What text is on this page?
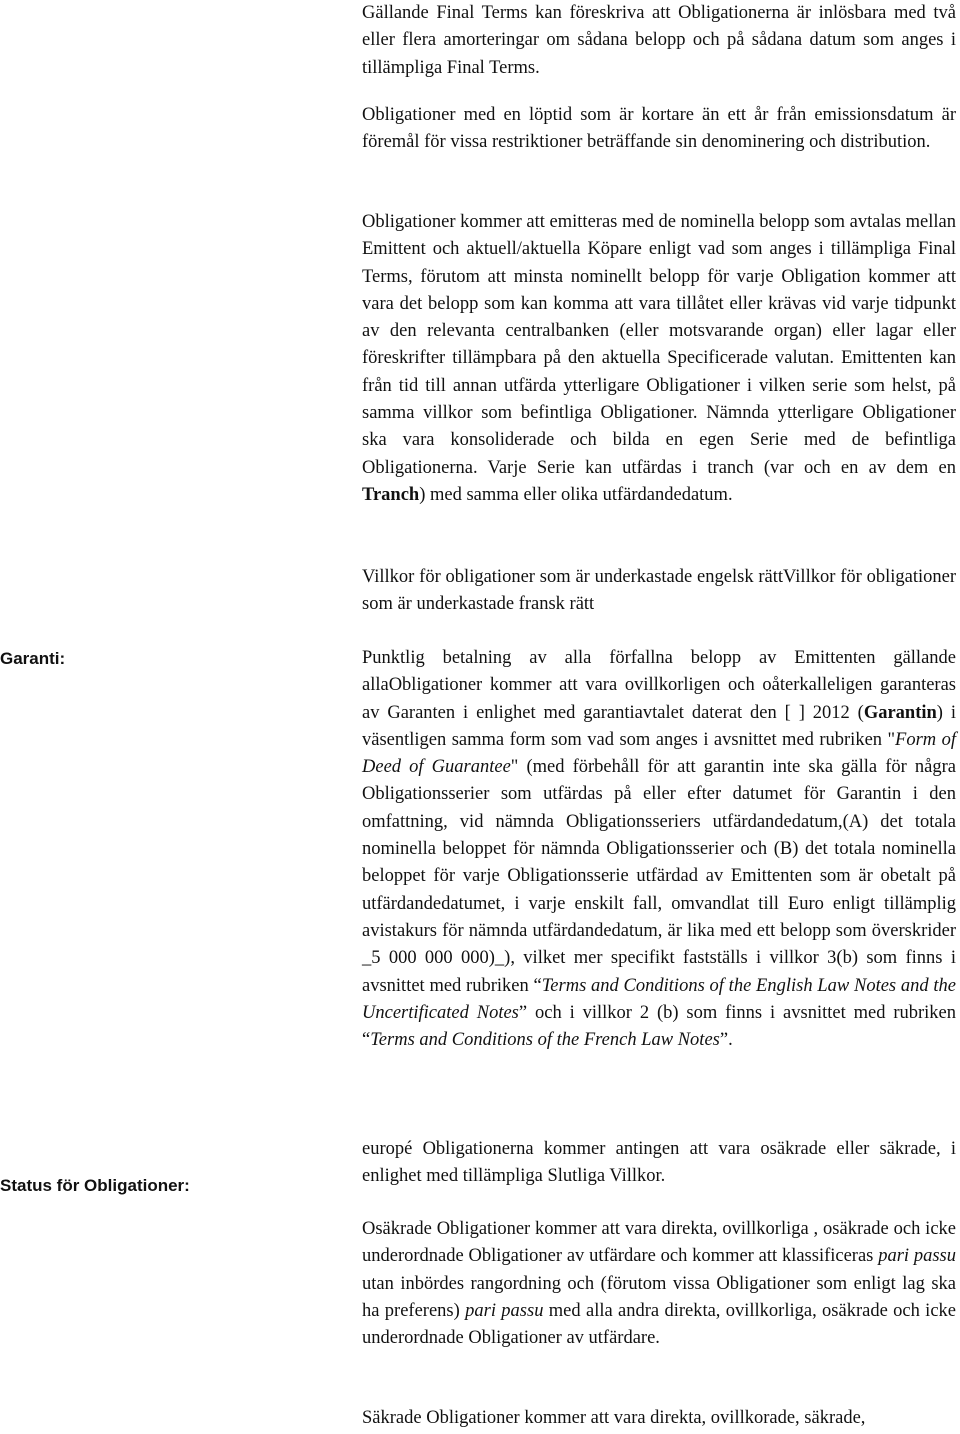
Gällande Final Terms kan föreskriva att Obligationerna är inlösbara med två eller flera amorteringar om sådana belopp och på sådana datum som anges i tillämpliga Final Terms.

Obligationer med en löptid som är kortare än ett år från emissionsdatum är föremål för vissa restriktioner beträffande sin denominering och distribution.

Obligationer kommer att emitteras med de nominella belopp som avtalas mellan Emittent och aktuell/aktuella Köpare enligt vad som anges i tillämpliga Final Terms, förutom att minsta nominellt belopp för varje Obligation kommer att vara det belopp som kan komma att vara tillåtet eller krävas vid varje tidpunkt av den relevanta centralbanken (eller motsvarande organ) eller lagar eller föreskrifter tillämpbara på den aktuella Specificerade valutan. Emittenten kan från tid till annan utfärda ytterligare Obligationer i vilken serie som helst, på samma villkor som befintliga Obligationer. Nämnda ytterligare Obligationer ska vara konsoliderade och bilda en egen Serie med de befintliga Obligationerna. Varje Serie kan utfärdas i tranch (var och en av dem en Tranch) med samma eller olika utfärdandedatum.

Villkor för obligationer som är underkastade engelsk rättVillkor för obligationer som är underkastade fransk rätt

Garanti:	Punktlig betalning av alla förfallna belopp av Emittenten gällande allaObligationer kommer att vara ovillkorligen och oåterkalleligen garanteras av Garanten i enlighet med garantiavtalet daterat den [ ] 2012 (Garantin) i väsentligen samma form som vad som anges i avsnittet med rubriken "Form of Deed of Guarantee" (med förbehåll för att garantin inte ska gälla för några Obligationsserier som utfärdas på eller efter datumet för Garantin i den omfattning, vid nämnda Obligationsseriers utfärdandedatum,(A) det totala nominella beloppet för nämnda Obligationsserier och (B) det totala nominella beloppet för varje Obligationsserie utfärdad av Emittenten som är obetalt på utfärdandedatumet, i varje enskilt fall, omvandlat till Euro enligt tillämplig avistakurs för nämnda utfärdandedatum, är lika med ett belopp som överskrider _5 000 000 000)_), vilket mer specifikt fastställs i villkor 3(b) som finns i avsnittet med rubriken “Terms and Conditions of the English Law Notes and the Uncertificated Notes” och i villkor 2 (b) som finns i avsnittet med rubriken “Terms and Conditions of the French Law Notes”.

Status för Obligationer:

europé Obligationerna kommer antingen att vara osäkrade eller säkrade, i enlighet med tillämpliga Slutliga Villkor.

Osäkrade Obligationer kommer att vara direkta, ovillkorliga , osäkrade och icke underordnade Obligationer av utfärdare och kommer att klassificeras pari passu utan inbördes rangordning och (förutom vissa Obligationer som enligt lag ska ha preferens) pari passu med alla andra direkta, ovillkorliga, osäkrade och icke underordnade Obligationer av utfärdare.

Säkrade Obligationer kommer att vara direkta, ovillkorade, säkrade,
